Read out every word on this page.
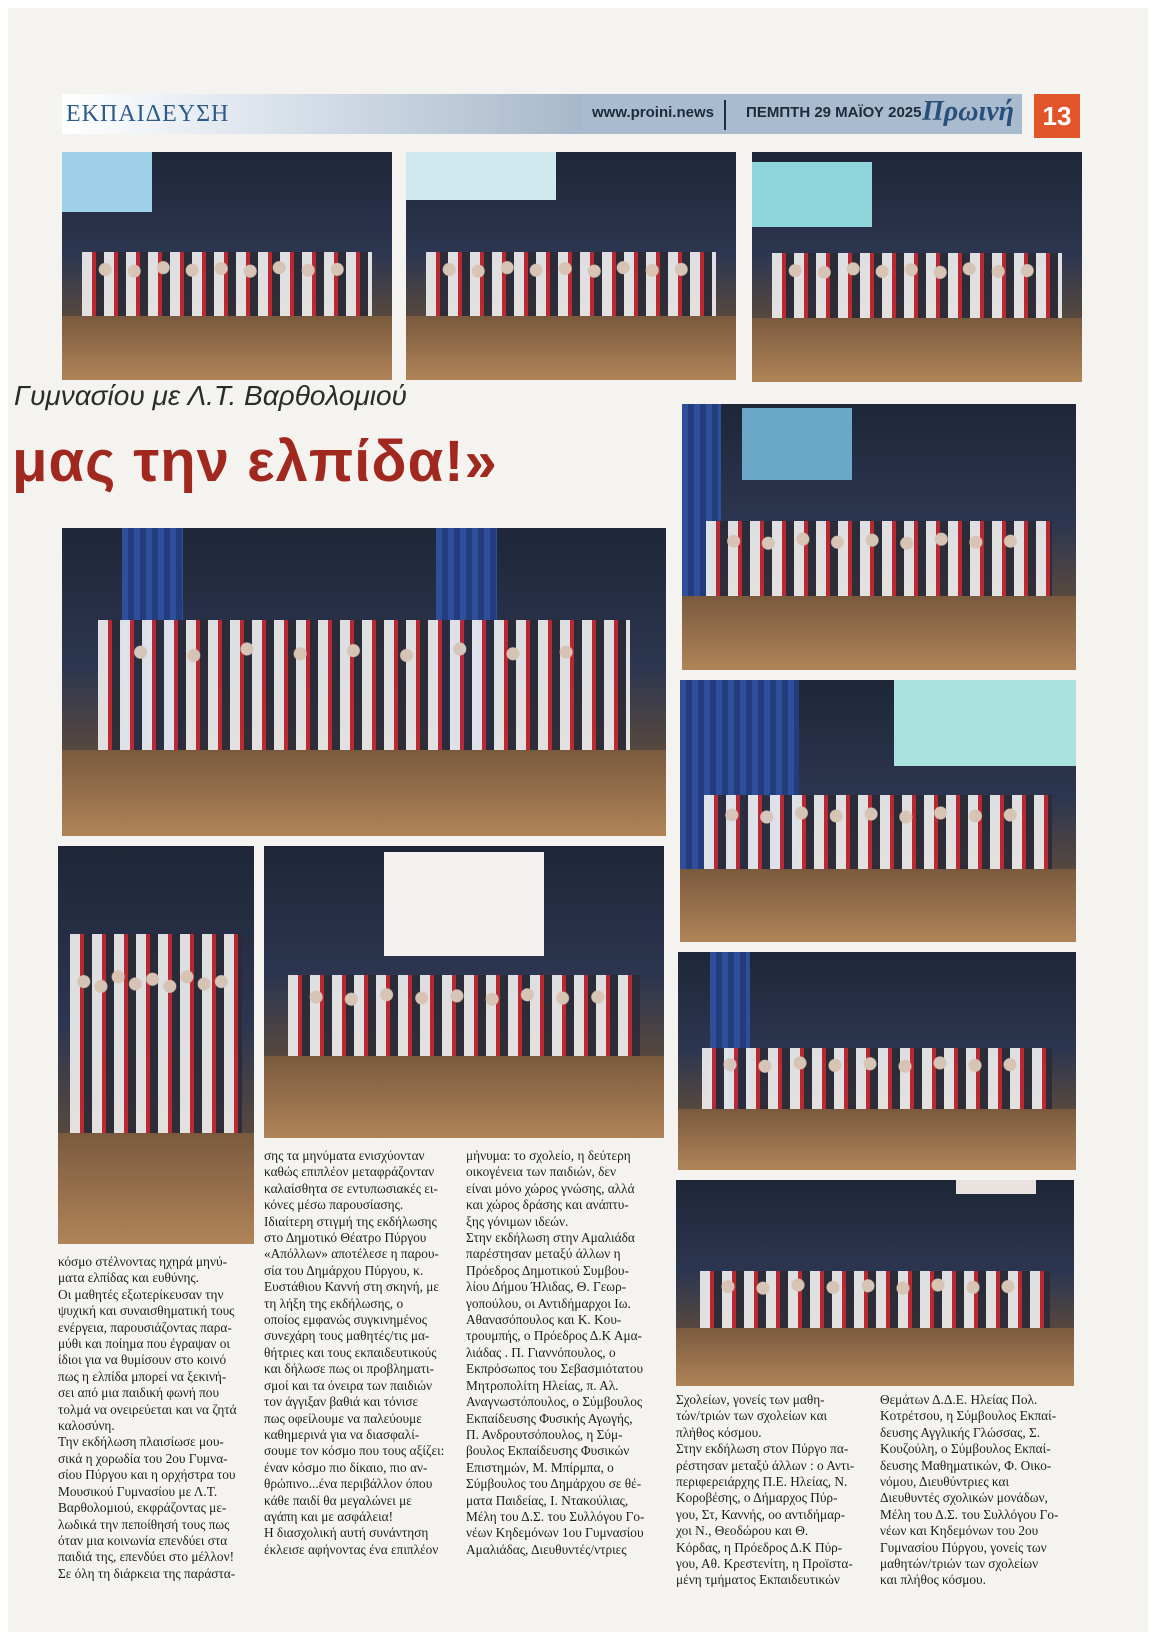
ΕΚΠΑΙΔΕΥΣΗ	www.proini.news ΠΕΜΠΤΗ 29 ΜΑΪΟΥ 2025 Πρωινή	13
Γυμνασίου με Λ.Τ. Βαρθολομιού
μας την ελπίδα!»

κόσμο στέλνοντας ηχηρά μηνύ-

ματα ελπίδας και ευθύνης.

Οι μαθητές εξωτερίκευσαν την

ψυχική και συναισθηματική τους

ενέργεια, παρουσιάζοντας παρα-

μύθι και ποίημα που έγραψαν οι

ίδιοι για να θυμίσουν στο κοινό

πως η ελπίδα μπορεί να ξεκινή-

σει από μια παιδική φωνή που

τολμά να ονειρεύεται και να ζητά

καλοσύνη.

Την εκδήλωση πλαισίωσε μου-

σικά η χορωδία του 2ου Γυμνα-

σίου Πύργου και η ορχήστρα του

Μουσικού Γυμνασίου με Λ.Τ.

Βαρθολομιού, εκφράζοντας με-

λωδικά την πεποίθησή τους πως

όταν μια κοινωνία επενδύει στα

παιδιά της, επενδύει στο μέλλον!

Σε όλη τη διάρκεια της παράστα-

σης τα μηνύματα ενισχύονταν

καθώς επιπλέον μεταφράζονταν

καλαίσθητα σε εντυπωσιακές ει-

κόνες μέσω παρουσίασης.

Ιδιαίτερη στιγμή της εκδήλωσης

στο Δημοτικό Θέατρο Πύργου

«Απόλλων» αποτέλεσε η παρου-

σία του Δημάρχου Πύργου, κ.

Ευστάθιου Καννή στη σκηνή, με

τη λήξη της εκδήλωσης, ο

οποίος εμφανώς συγκινημένος

συνεχάρη τους μαθητές/τις μα-

θήτριες και τους εκπαιδευτικούς

και δήλωσε πως οι προβληματι-

σμοί και τα όνειρα των παιδιών

τον άγγιξαν βαθιά και τόνισε

πως οφείλουμε να παλεύουμε

καθημερινά για να διασφαλί-

σουμε τον κόσμο που τους αξίζει:

έναν κόσμο πιο δίκαιο, πιο αν-

θρώπινο...ένα περιβάλλον όπου

κάθε παιδί θα μεγαλώνει με

αγάπη και με ασφάλεια!

Η διασχολική αυτή συνάντηση

έκλεισε αφήνοντας ένα επιπλέον

μήνυμα: το σχολείο, η δεύτερη

οικογένεια των παιδιών, δεν

είναι μόνο χώρος γνώσης, αλλά

και χώρος δράσης και ανάπτυ-

ξης γόνιμων ιδεών.

Στην εκδήλωση στην Αμαλιάδα

παρέστησαν μεταξύ άλλων η

Πρόεδρος Δημοτικού Συμβου-

λίου Δήμου Ήλιδας, Θ. Γεωρ-

γοπούλου, οι Αντιδήμαρχοι Ιω.

Αθανασόπουλος και Κ. Κου-

τρουμπής, ο Πρόεδρος Δ.Κ Αμα-

λιάδας . Π. Γιαννόπουλος, ο

Εκπρόσωπος του Σεβασμιότατου

Μητροπολίτη Ηλείας, π. Αλ.

Αναγνωστόπουλος, ο Σύμβουλος

Εκπαίδευσης Φυσικής Αγωγής,

Π. Ανδρουτσόπουλος, η Σύμ-

βουλος Εκπαίδευσης Φυσικών

Επιστημών, Μ. Μπίρμπα, ο

Σύμβουλος του Δημάρχου σε θέ-

ματα Παιδείας, Ι. Ντακούλιας,

Μέλη του Δ.Σ. του Συλλόγου Γο-

νέων Κηδεμόνων 1ου Γυμνασίου

Αμαλιάδας, Διευθυντές/ντριες

Σχολείων, γονείς των μαθη-

τών/τριών των σχολείων και

πλήθος κόσμου.

Στην εκδήλωση στον Πύργο πα-

ρέστησαν μεταξύ άλλων : ο Αντι-

περιφερειάρχης Π.Ε. Ηλείας, Ν.

Κοροβέσης, ο Δήμαρχος Πύρ-

γου, Στ, Καννής, οο αντιδήμαρ-

χοι Ν., Θεοδώρου και Θ.

Κόρδας, η Πρόεδρος Δ.Κ Πύρ-

γου, Αθ. Κρεστενίτη, η Προϊστα-

μένη τμήματος Εκπαιδευτικών

Θεμάτων Δ.Δ.Ε. Ηλείας Πολ.

Κοτρέτσου, η Σύμβουλος Εκπαί-

δευσης Αγγλικής Γλώσσας, Σ.

Κουζούλη, ο Σύμβουλος Εκπαί-

δευσης Μαθηματικών, Φ. Οικο-

νόμου, Διευθύντριες και

Διευθυντές σχολικών μονάδων,

Μέλη του Δ.Σ. του Συλλόγου Γο-

νέων και Κηδεμόνων του 2ου

Γυμνασίου Πύργου, γονείς των

μαθητών/τριών των σχολείων

και πλήθος κόσμου.
